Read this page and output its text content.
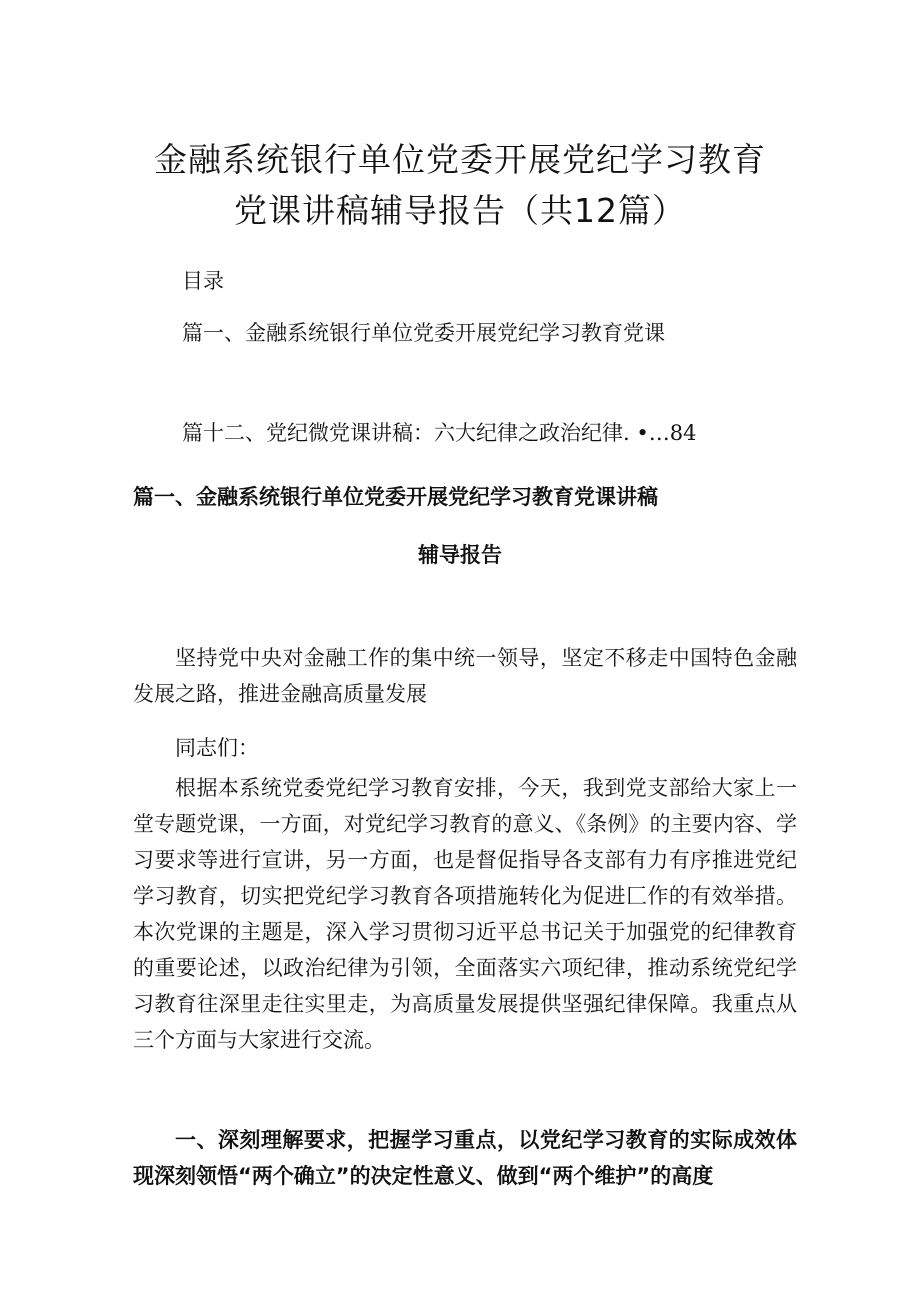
金融系统银行单位党委开展党纪学习教育
党课讲稿辅导报告（共12篇）
目录
篇一、金融系统银行单位党委开展党纪学习教育党课
篇十二、党纪微党课讲稿：六大纪律之政治纪律. •…84
篇一、金融系统银行单位党委开展党纪学习教育党课讲稿
辅导报告
坚持党中央对金融工作的集中统一领导，坚定不移走中国特色金融发展之路，推进金融高质量发展
同志们：
根据本系统党委党纪学习教育安排，今天，我到党支部给大家上一堂专题党课，一方面，对党纪学习教育的意义、《条例》的主要内容、学习要求等进行宣讲，另一方面，也是督促指导各支部有力有序推进党纪学习教育，切实把党纪学习教育各项措施转化为促进匚作的有效举措。本次党课的主题是，深入学习贯彻习近平总书记关于加强党的纪律教育的重要论述，以政治纪律为引领，全面落实六项纪律，推动系统党纪学习教育往深里走往实里走，为高质量发展提供坚强纪律保障。我重点从三个方面与大家进行交流。
一、深刻理解要求，把握学习重点，以党纪学习教育的实际成效体现深刻领悟“两个确立”的决定性意义、做到“两个维护”的高度
